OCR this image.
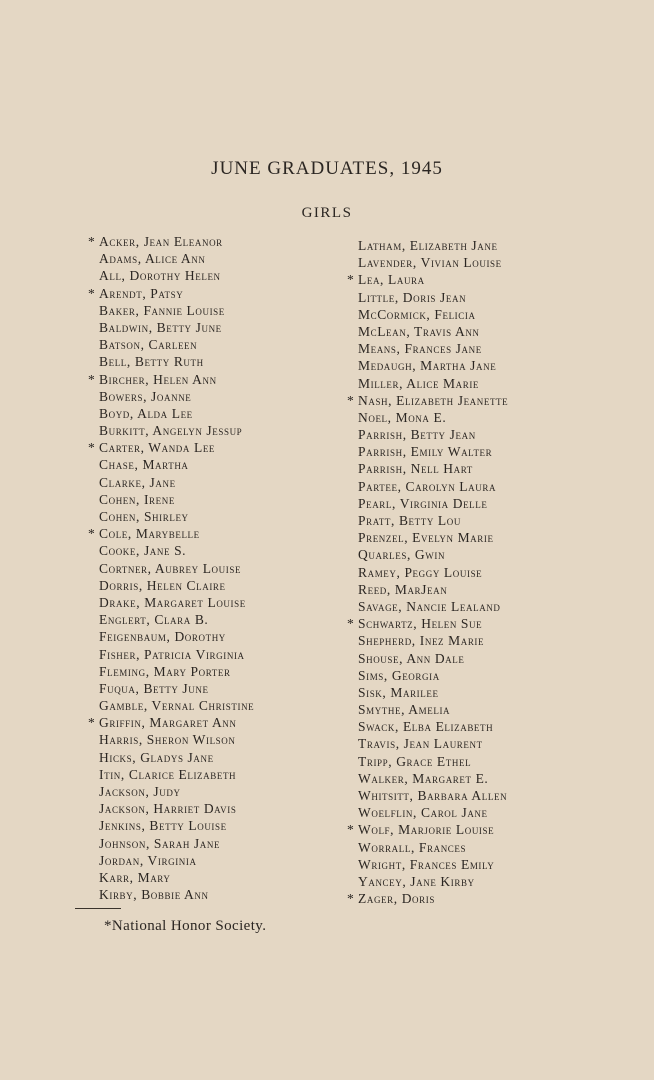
JUNE GRADUATES, 1945
GIRLS
* Acker, Jean Eleanor
Adams, Alice Ann
All, Dorothy Helen
* Arendt, Patsy
Baker, Fannie Louise
Baldwin, Betty June
Batson, Carleen
Bell, Betty Ruth
* Bircher, Helen Ann
Bowers, Joanne
Boyd, Alda Lee
Burkitt, Angelyn Jessup
* Carter, Wanda Lee
Chase, Martha
Clarke, Jane
Cohen, Irene
Cohen, Shirley
* Cole, Marybelle
Cooke, Jane S.
Cortner, Aubrey Louise
Dorris, Helen Claire
Drake, Margaret Louise
Englert, Clara B.
Feigenbaum, Dorothy
Fisher, Patricia Virginia
Fleming, Mary Porter
Fuqua, Betty June
Gamble, Vernal Christine
* Griffin, Margaret Ann
Harris, Sheron Wilson
Hicks, Gladys Jane
Itin, Clarice Elizabeth
Jackson, Judy
Jackson, Harriet Davis
Jenkins, Betty Louise
Johnson, Sarah Jane
Jordan, Virginia
Karr, Mary
Kirby, Bobbie Ann
Latham, Elizabeth Jane
Lavender, Vivian Louise
* Lea, Laura
Little, Doris Jean
McCormick, Felicia
McLean, Travis Ann
Means, Frances Jane
Medaugh, Martha Jane
Miller, Alice Marie
* Nash, Elizabeth Jeanette
Noel, Mona E.
Parrish, Betty Jean
Parrish, Emily Walter
Parrish, Nell Hart
Partee, Carolyn Laura
Pearl, Virginia Delle
Pratt, Betty Lou
Prenzel, Evelyn Marie
Quarles, Gwin
Ramey, Peggy Louise
Reed, MarJean
Savage, Nancie Lealand
* Schwartz, Helen Sue
Shepherd, Inez Marie
Shouse, Ann Dale
Sims, Georgia
Sisk, Marilee
Smythe, Amelia
Swack, Elba Elizabeth
Travis, Jean Laurent
Tripp, Grace Ethel
Walker, Margaret E.
Whitsitt, Barbara Allen
Woelflin, Carol Jane
* Wolf, Marjorie Louise
Worrall, Frances
Wright, Frances Emily
Yancey, Jane Kirby
* Zager, Doris
*National Honor Society.
